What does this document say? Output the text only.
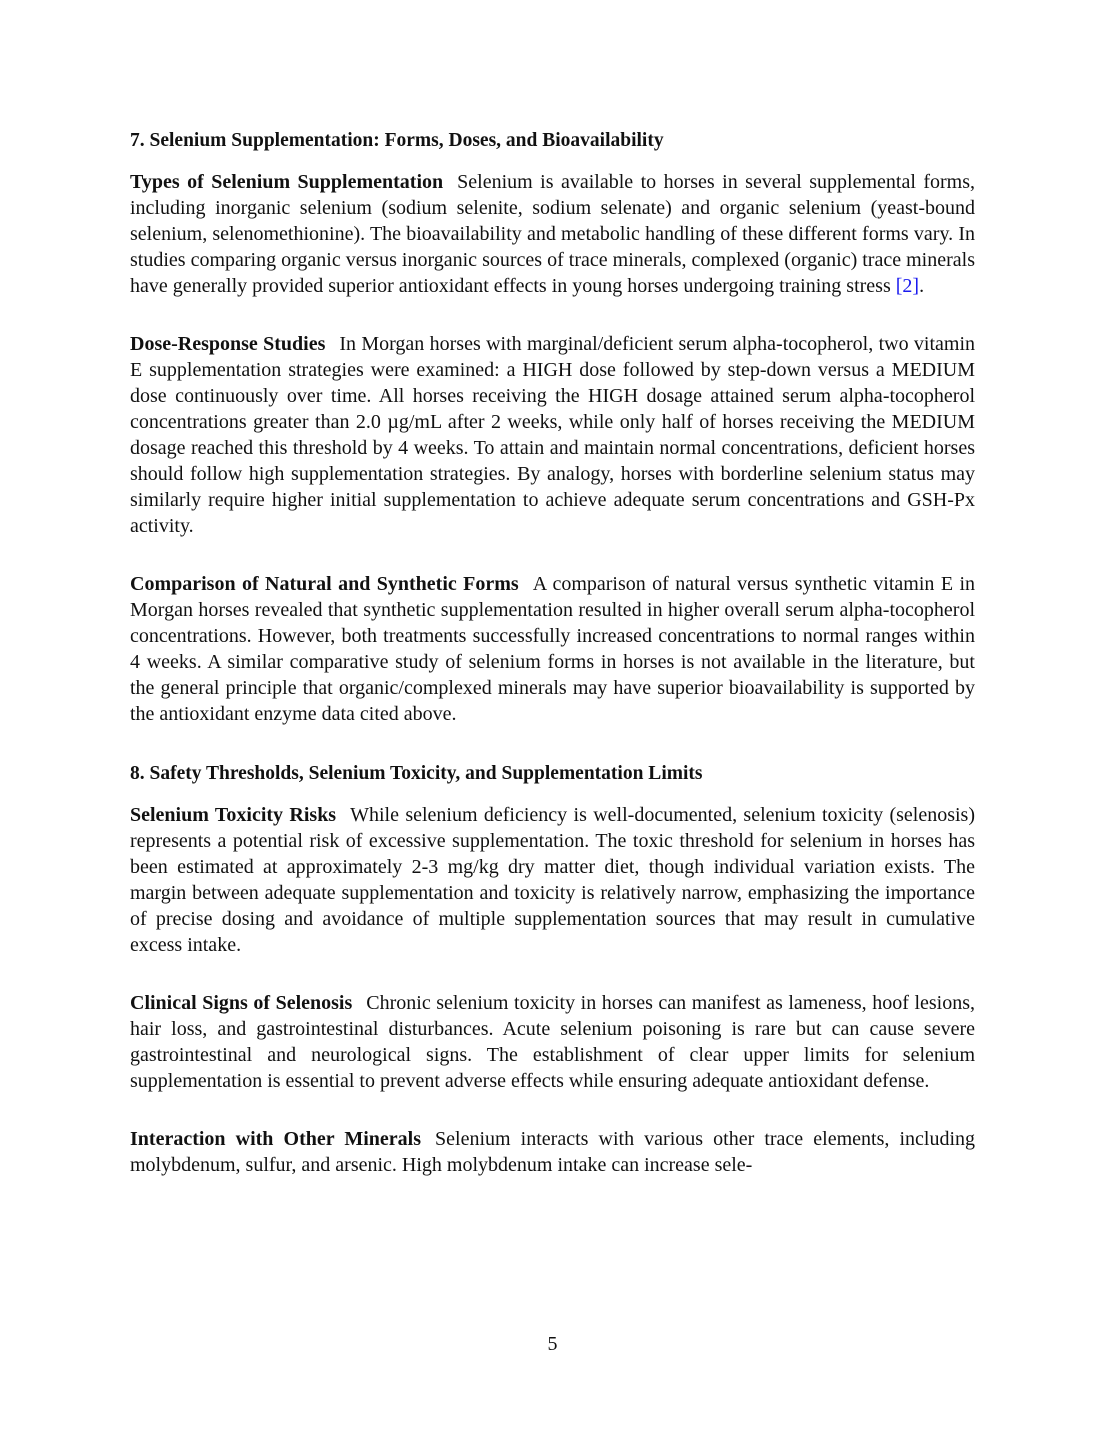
7. Selenium Supplementation: Forms, Doses, and Bioavailability

Types of Selenium Supplementation Selenium is available to horses in several supplemental forms, including inorganic selenium (sodium selenite, sodium selenate) and organic selenium (yeast-bound selenium, selenomethionine). The bioavailability and metabolic handling of these different forms vary. In studies comparing organic versus inorganic sources of trace minerals, complexed (organic) trace minerals have generally provided superior antioxidant effects in young horses undergoing training stress [2].

Dose-Response Studies In Morgan horses with marginal/deficient serum alpha-tocopherol, two vitamin E supplementation strategies were examined: a HIGH dose followed by step-down versus a MEDIUM dose continuously over time. All horses receiving the HIGH dosage attained serum alpha-tocopherol concentrations greater than 2.0 µg/mL after 2 weeks, while only half of horses receiving the MEDIUM dosage reached this threshold by 4 weeks. To attain and maintain normal concentrations, deficient horses should follow high supplementation strategies. By analogy, horses with borderline selenium status may similarly require higher initial supplementation to achieve adequate serum concentrations and GSH-Px activity.

Comparison of Natural and Synthetic Forms A comparison of natural versus synthetic vitamin E in Morgan horses revealed that synthetic supplementation resulted in higher overall serum alpha-tocopherol concentrations. However, both treatments successfully increased concentrations to normal ranges within 4 weeks. A similar comparative study of selenium forms in horses is not available in the literature, but the general principle that organic/complexed minerals may have superior bioavailability is supported by the antioxidant enzyme data cited above.

8. Safety Thresholds, Selenium Toxicity, and Supplementation Limits

Selenium Toxicity Risks While selenium deficiency is well-documented, selenium toxicity (selenosis) represents a potential risk of excessive supplementation. The toxic threshold for selenium in horses has been estimated at approximately 2-3 mg/kg dry matter diet, though individual variation exists. The margin between adequate supplementation and toxicity is relatively narrow, emphasizing the importance of precise dosing and avoidance of multiple supplementation sources that may result in cumulative excess intake.

Clinical Signs of Selenosis Chronic selenium toxicity in horses can manifest as lameness, hoof lesions, hair loss, and gastrointestinal disturbances. Acute selenium poisoning is rare but can cause severe gastrointestinal and neurological signs. The establishment of clear upper limits for selenium supplementation is essential to prevent adverse effects while ensuring adequate antioxidant defense.

Interaction with Other Minerals Selenium interacts with various other trace elements, including molybdenum, sulfur, and arsenic. High molybdenum intake can increase sele-

5
